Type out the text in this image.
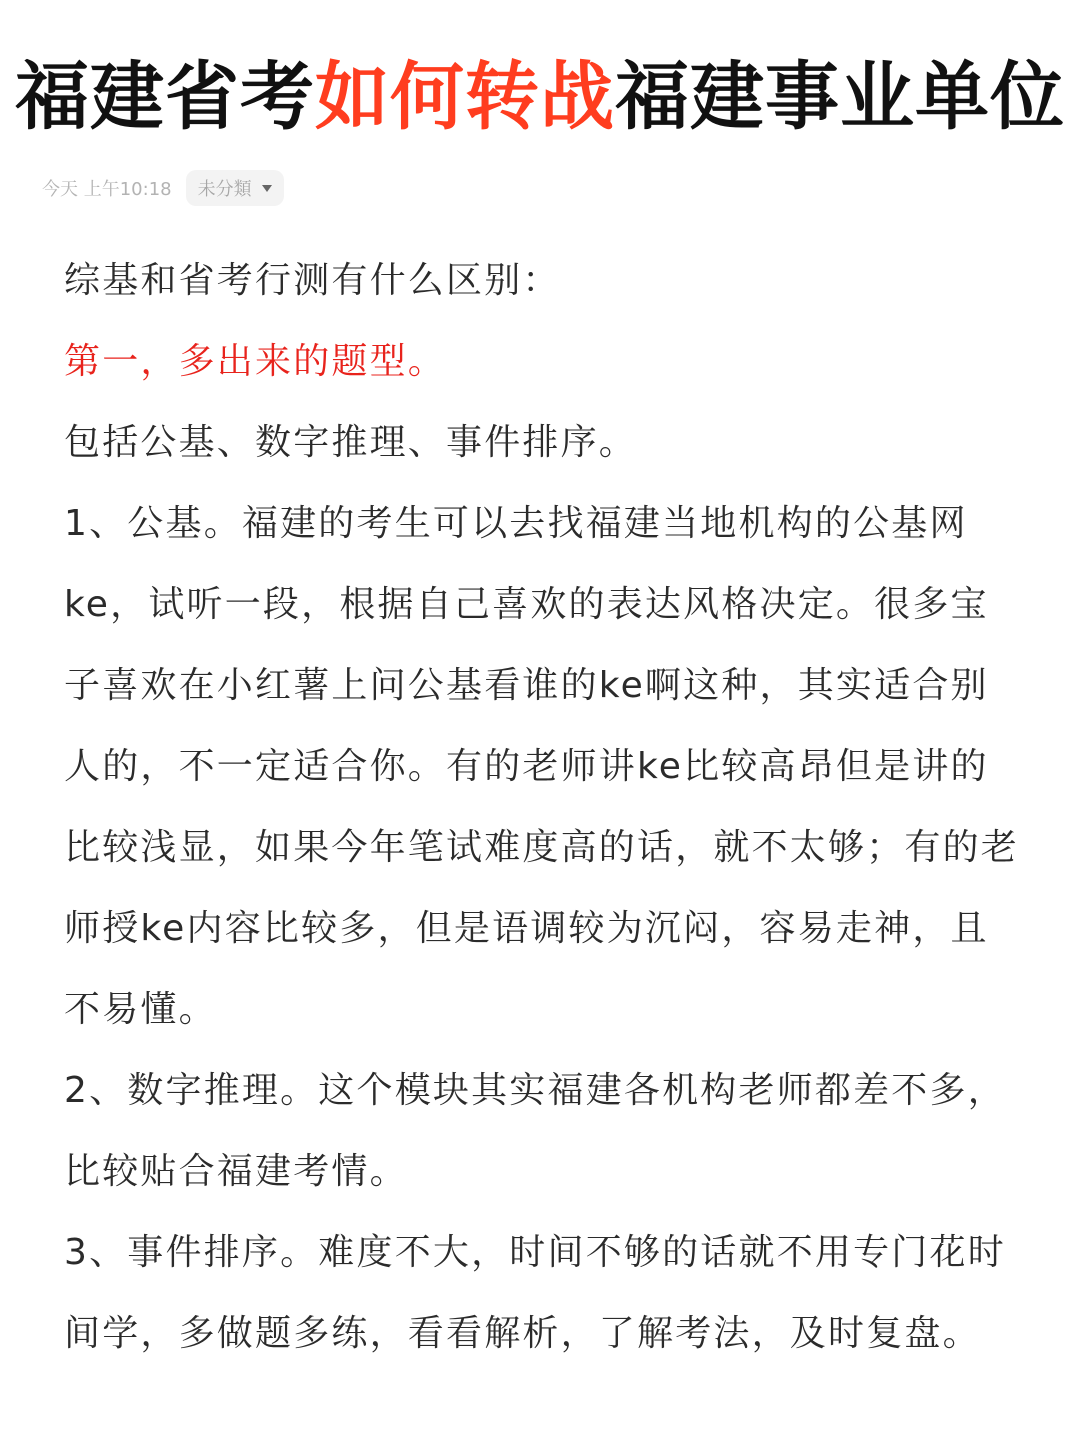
福建省考如何转战福建事业单位
今天 上午10:18 未分類

综基和省考行测有什么区别：

第一，多出来的题型。

包括公基、数字推理、事件排序。

1、公基。福建的考生可以去找福建当地机构的公基网ke，试听一段，根据自己喜欢的表达风格决定。很多宝子喜欢在小红薯上问公基看谁的ke啊这种，其实适合别人的，不一定适合你。有的老师讲ke比较高昂但是讲的比较浅显，如果今年笔试难度高的话，就不太够；有的老师授ke内容比较多，但是语调较为沉闷，容易走神，且不易懂。

2、数字推理。这个模块其实福建各机构老师都差不多，比较贴合福建考情。

3、事件排序。难度不大，时间不够的话就不用专门花时间学，多做题多练，看看解析，了解考法，及时复盘。
